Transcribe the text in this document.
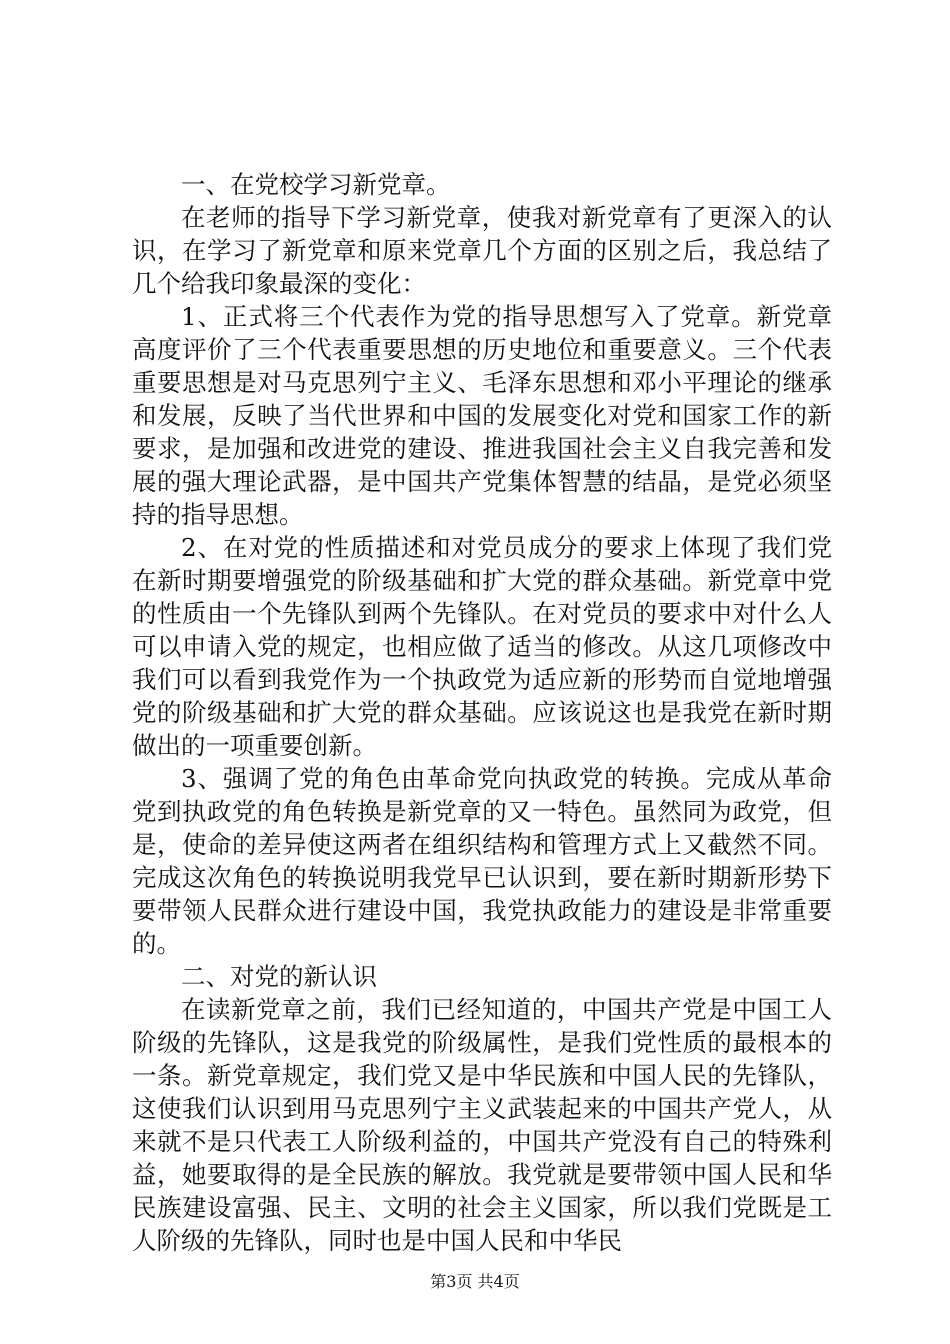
一、在党校学习新党章。

在老师的指导下学习新党章，使我对新党章有了更深入的认识，在学习了新党章和原来党章几个方面的区别之后，我总结了几个给我印象最深的变化：

1、正式将三个代表作为党的指导思想写入了党章。新党章高度评价了三个代表重要思想的历史地位和重要意义。三个代表重要思想是对马克思列宁主义、毛泽东思想和邓小平理论的继承和发展，反映了当代世界和中国的发展变化对党和国家工作的新要求，是加强和改进党的建设、推进我国社会主义自我完善和发展的强大理论武器，是中国共产党集体智慧的结晶，是党必须坚持的指导思想。

2、在对党的性质描述和对党员成分的要求上体现了我们党在新时期要增强党的阶级基础和扩大党的群众基础。新党章中党的性质由一个先锋队到两个先锋队。在对党员的要求中对什么人可以申请入党的规定，也相应做了适当的修改。从这几项修改中我们可以看到我党作为一个执政党为适应新的形势而自觉地增强党的阶级基础和扩大党的群众基础。应该说这也是我党在新时期做出的一项重要创新。

3、强调了党的角色由革命党向执政党的转换。完成从革命党到执政党的角色转换是新党章的又一特色。虽然同为政党，但是，使命的差异使这两者在组织结构和管理方式上又截然不同。完成这次角色的转换说明我党早已认识到，要在新时期新形势下要带领人民群众进行建设中国，我党执政能力的建设是非常重要的。

二、对党的新认识

在读新党章之前，我们已经知道的，中国共产党是中国工人阶级的先锋队，这是我党的阶级属性，是我们党性质的最根本的一条。新党章规定，我们党又是中华民族和中国人民的先锋队，这使我们认识到用马克思列宁主义武装起来的中国共产党人，从来就不是只代表工人阶级利益的，中国共产党没有自己的特殊利益，她要取得的是全民族的解放。我党就是要带领中国人民和华民族建设富强、民主、文明的社会主义国家，所以我们党既是工人阶级的先锋队，同时也是中国人民和中华民

第3页 共4页
